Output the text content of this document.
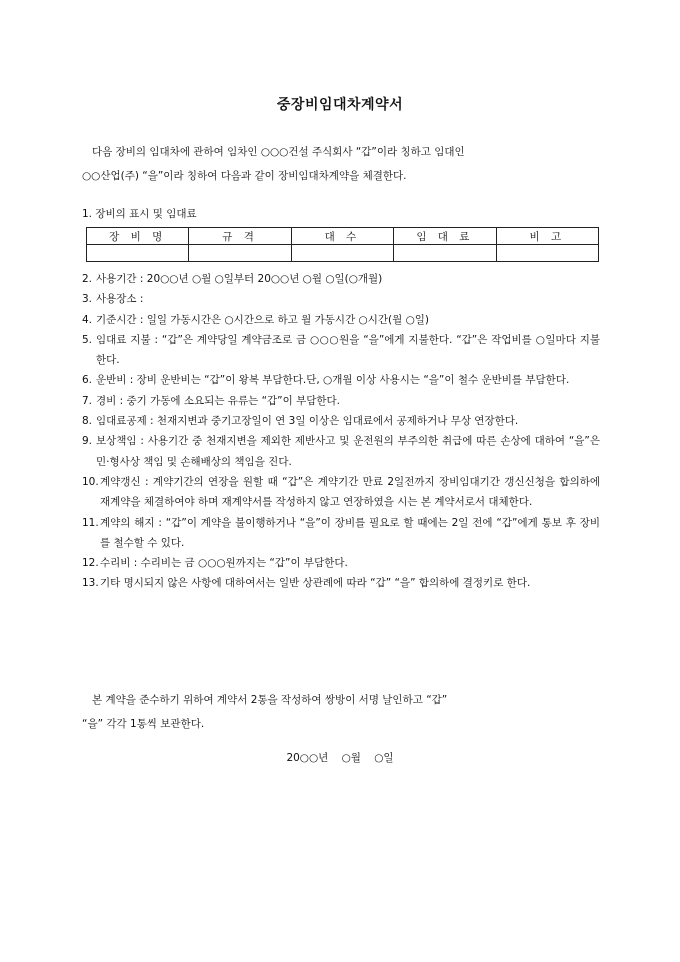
중장비임대차계약서
다음 장비의 임대차에 관하여 임차인 ○○○건설 주식회사 “갑”이라 칭하고 임대인
○○산업(주) “을”이라 칭하여 다음과 같이 장비임대차계약을 체결한다.
1. 장비의 표시 및 임대료
장 비 명	규 격	대 수	임 대 료	비 고

2. 사용기간 : 20○○년 ○월 ○일부터 20○○년 ○월 ○일(○개월)
3. 사용장소 :
4. 기준시간 : 일일 가동시간은 ○시간으로 하고 월 가동시간 ○시간(월 ○일)
5. 임대료 지불 : “갑”은 계약당일 계약금조로 금 ○○○원을 “을”에게 지불한다. “갑”은 작업비를 ○일마다 지불한다.
6. 운반비 : 장비 운반비는 “갑”이 왕복 부담한다.단, ○개월 이상 사용시는 “을”이 철수 운반비를 부담한다.
7. 경비 : 중기 가동에 소요되는 유류는 “갑”이 부담한다.
8. 임대료공제 : 천재지변과 중기고장일이 연 3일 이상은 임대료에서 공제하거나 무상 연장한다.
9. 보상책임 : 사용기간 중 천재지변을 제외한 제반사고 및 운전원의 부주의한 취급에 따른 손상에 대하여 “을”은 민·형사상 책임 및 손해배상의 책임을 진다.
10. 계약갱신 : 계약기간의 연장을 원할 때 “갑”은 계약기간 만료 2일전까지 장비임대기간 갱신신청을 합의하에 재계약을 체결하여야 하며 재계약서를 작성하지 않고 연장하였을 시는 본 계약서로서 대체한다.
11. 계약의 해지 : “갑”이 계약을 불이행하거나 “을”이 장비를 필요로 할 때에는 2일 전에 “갑”에게 통보 후 장비를 철수할 수 있다.
12. 수리비 : 수리비는 금 ○○○원까지는 “갑”이 부담한다.
13. 기타 명시되지 않은 사항에 대하여서는 일반 상관례에 따라 “갑” “을” 합의하에 결정키로 한다.
본 계약을 준수하기 위하여 계약서 2통을 작성하여 쌍방이 서명 날인하고 “갑”
“을” 각각 1통씩 보관한다.
20○○년 ○월 ○일
